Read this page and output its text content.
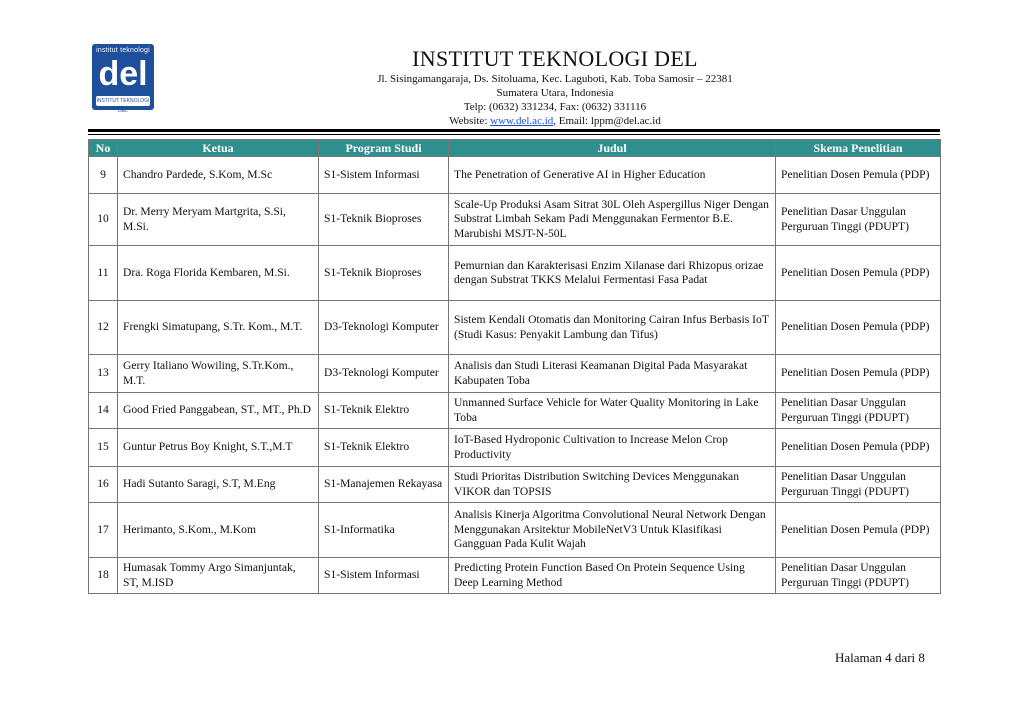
institut teknologi
del
INSTITUT TEKNOLOGI DEL
INSTITUT TEKNOLOGI DEL
Jl. Sisingamangaraja, Ds. Sitoluama, Kec. Laguboti, Kab. Toba Samosir – 22381
Sumatera Utara, Indonesia
Telp: (0632) 331234, Fax: (0632) 331116
Website: www.del.ac.id, Email: lppm@del.ac.id
No	Ketua	Program Studi	Judul	Skema Penelitian
9	Chandro Pardede, S.Kom, M.Sc	S1-Sistem Informasi	The Penetration of Generative AI in Higher Education	Penelitian Dosen Pemula (PDP)
10	Dr. Merry Meryam Martgrita, S.Si, M.Si.	S1-Teknik Bioproses	Scale-Up Produksi Asam Sitrat 30L Oleh Aspergillus Niger Dengan Substrat Limbah Sekam Padi Menggunakan Fermentor B.E. Marubishi MSJT-N-50L	Penelitian Dasar Unggulan Perguruan Tinggi (PDUPT)
11	Dra. Roga Florida Kembaren, M.Si.	S1-Teknik Bioproses	Pemurnian dan Karakterisasi Enzim Xilanase dari Rhizopus orizae dengan Substrat TKKS Melalui Fermentasi Fasa Padat	Penelitian Dosen Pemula (PDP)
12	Frengki Simatupang, S.Tr. Kom., M.T.	D3-Teknologi Komputer	Sistem Kendali Otomatis dan Monitoring Cairan Infus Berbasis IoT (Studi Kasus: Penyakit Lambung dan Tifus)	Penelitian Dosen Pemula (PDP)
13	Gerry Italiano Wowiling, S.Tr.Kom., M.T.	D3-Teknologi Komputer	Analisis dan Studi Literasi Keamanan Digital Pada Masyarakat Kabupaten Toba	Penelitian Dosen Pemula (PDP)
14	Good Fried Panggabean, ST., MT., Ph.D	S1-Teknik Elektro	Unmanned Surface Vehicle for Water Quality Monitoring in Lake Toba	Penelitian Dasar Unggulan Perguruan Tinggi (PDUPT)
15	Guntur Petrus Boy Knight, S.T.,M.T	S1-Teknik Elektro	IoT-Based Hydroponic Cultivation to Increase Melon Crop Productivity	Penelitian Dosen Pemula (PDP)
16	Hadi Sutanto Saragi, S.T, M.Eng	S1-Manajemen Rekayasa	Studi Prioritas Distribution Switching Devices Menggunakan VIKOR dan TOPSIS	Penelitian Dasar Unggulan Perguruan Tinggi (PDUPT)
17	Herimanto, S.Kom., M.Kom	S1-Informatika	Analisis Kinerja Algoritma Convolutional Neural Network Dengan Menggunakan Arsitektur MobileNetV3 Untuk Klasifikasi Gangguan Pada Kulit Wajah	Penelitian Dosen Pemula (PDP)
18	Humasak Tommy Argo Simanjuntak, ST, M.ISD	S1-Sistem Informasi	Predicting Protein Function Based On Protein Sequence Using Deep Learning Method	Penelitian Dasar Unggulan Perguruan Tinggi (PDUPT)
Halaman 4 dari 8
